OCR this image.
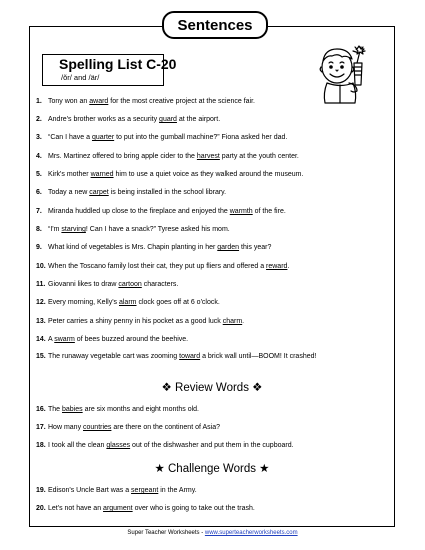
Sentences
Spelling List C-20
/ŏr/ and /är/
1. Tony won an award for the most creative project at the science fair.
2. Andre's brother works as a security guard at the airport.
3. “Can I have a quarter to put into the gumball machine?” Fiona asked her dad.
4. Mrs. Martinez offered to bring apple cider to the harvest party at the youth center.
5. Kirk's mother warned him to use a quiet voice as they walked around the museum.
6. Today a new carpet is being installed in the school library.
7. Miranda huddled up close to the fireplace and enjoyed the warmth of the fire.
8. “I'm starving! Can I have a snack?” Tyrese asked his mom.
9. What kind of vegetables is Mrs. Chapin planting in her garden this year?
10. When the Toscano family lost their cat, they put up fliers and offered a reward.
11. Giovanni likes to draw cartoon characters.
12. Every morning, Kelly's alarm clock goes off at 6 o'clock.
13. Peter carries a shiny penny in his pocket as a good luck charm.
14. A swarm of bees buzzed around the beehive.
15. The runaway vegetable cart was zooming toward a brick wall until—BOOM! It crashed!
❖ Review Words ❖
16. The babies are six months and eight months old.
17. How many countries are there on the continent of Asia?
18. I took all the clean glasses out of the dishwasher and put them in the cupboard.
★ Challenge Words ★
19. Edison's Uncle Bart was a sergeant in the Army.
20. Let's not have an argument over who is going to take out the trash.
Super Teacher Worksheets - www.superteacherworksheets.com
